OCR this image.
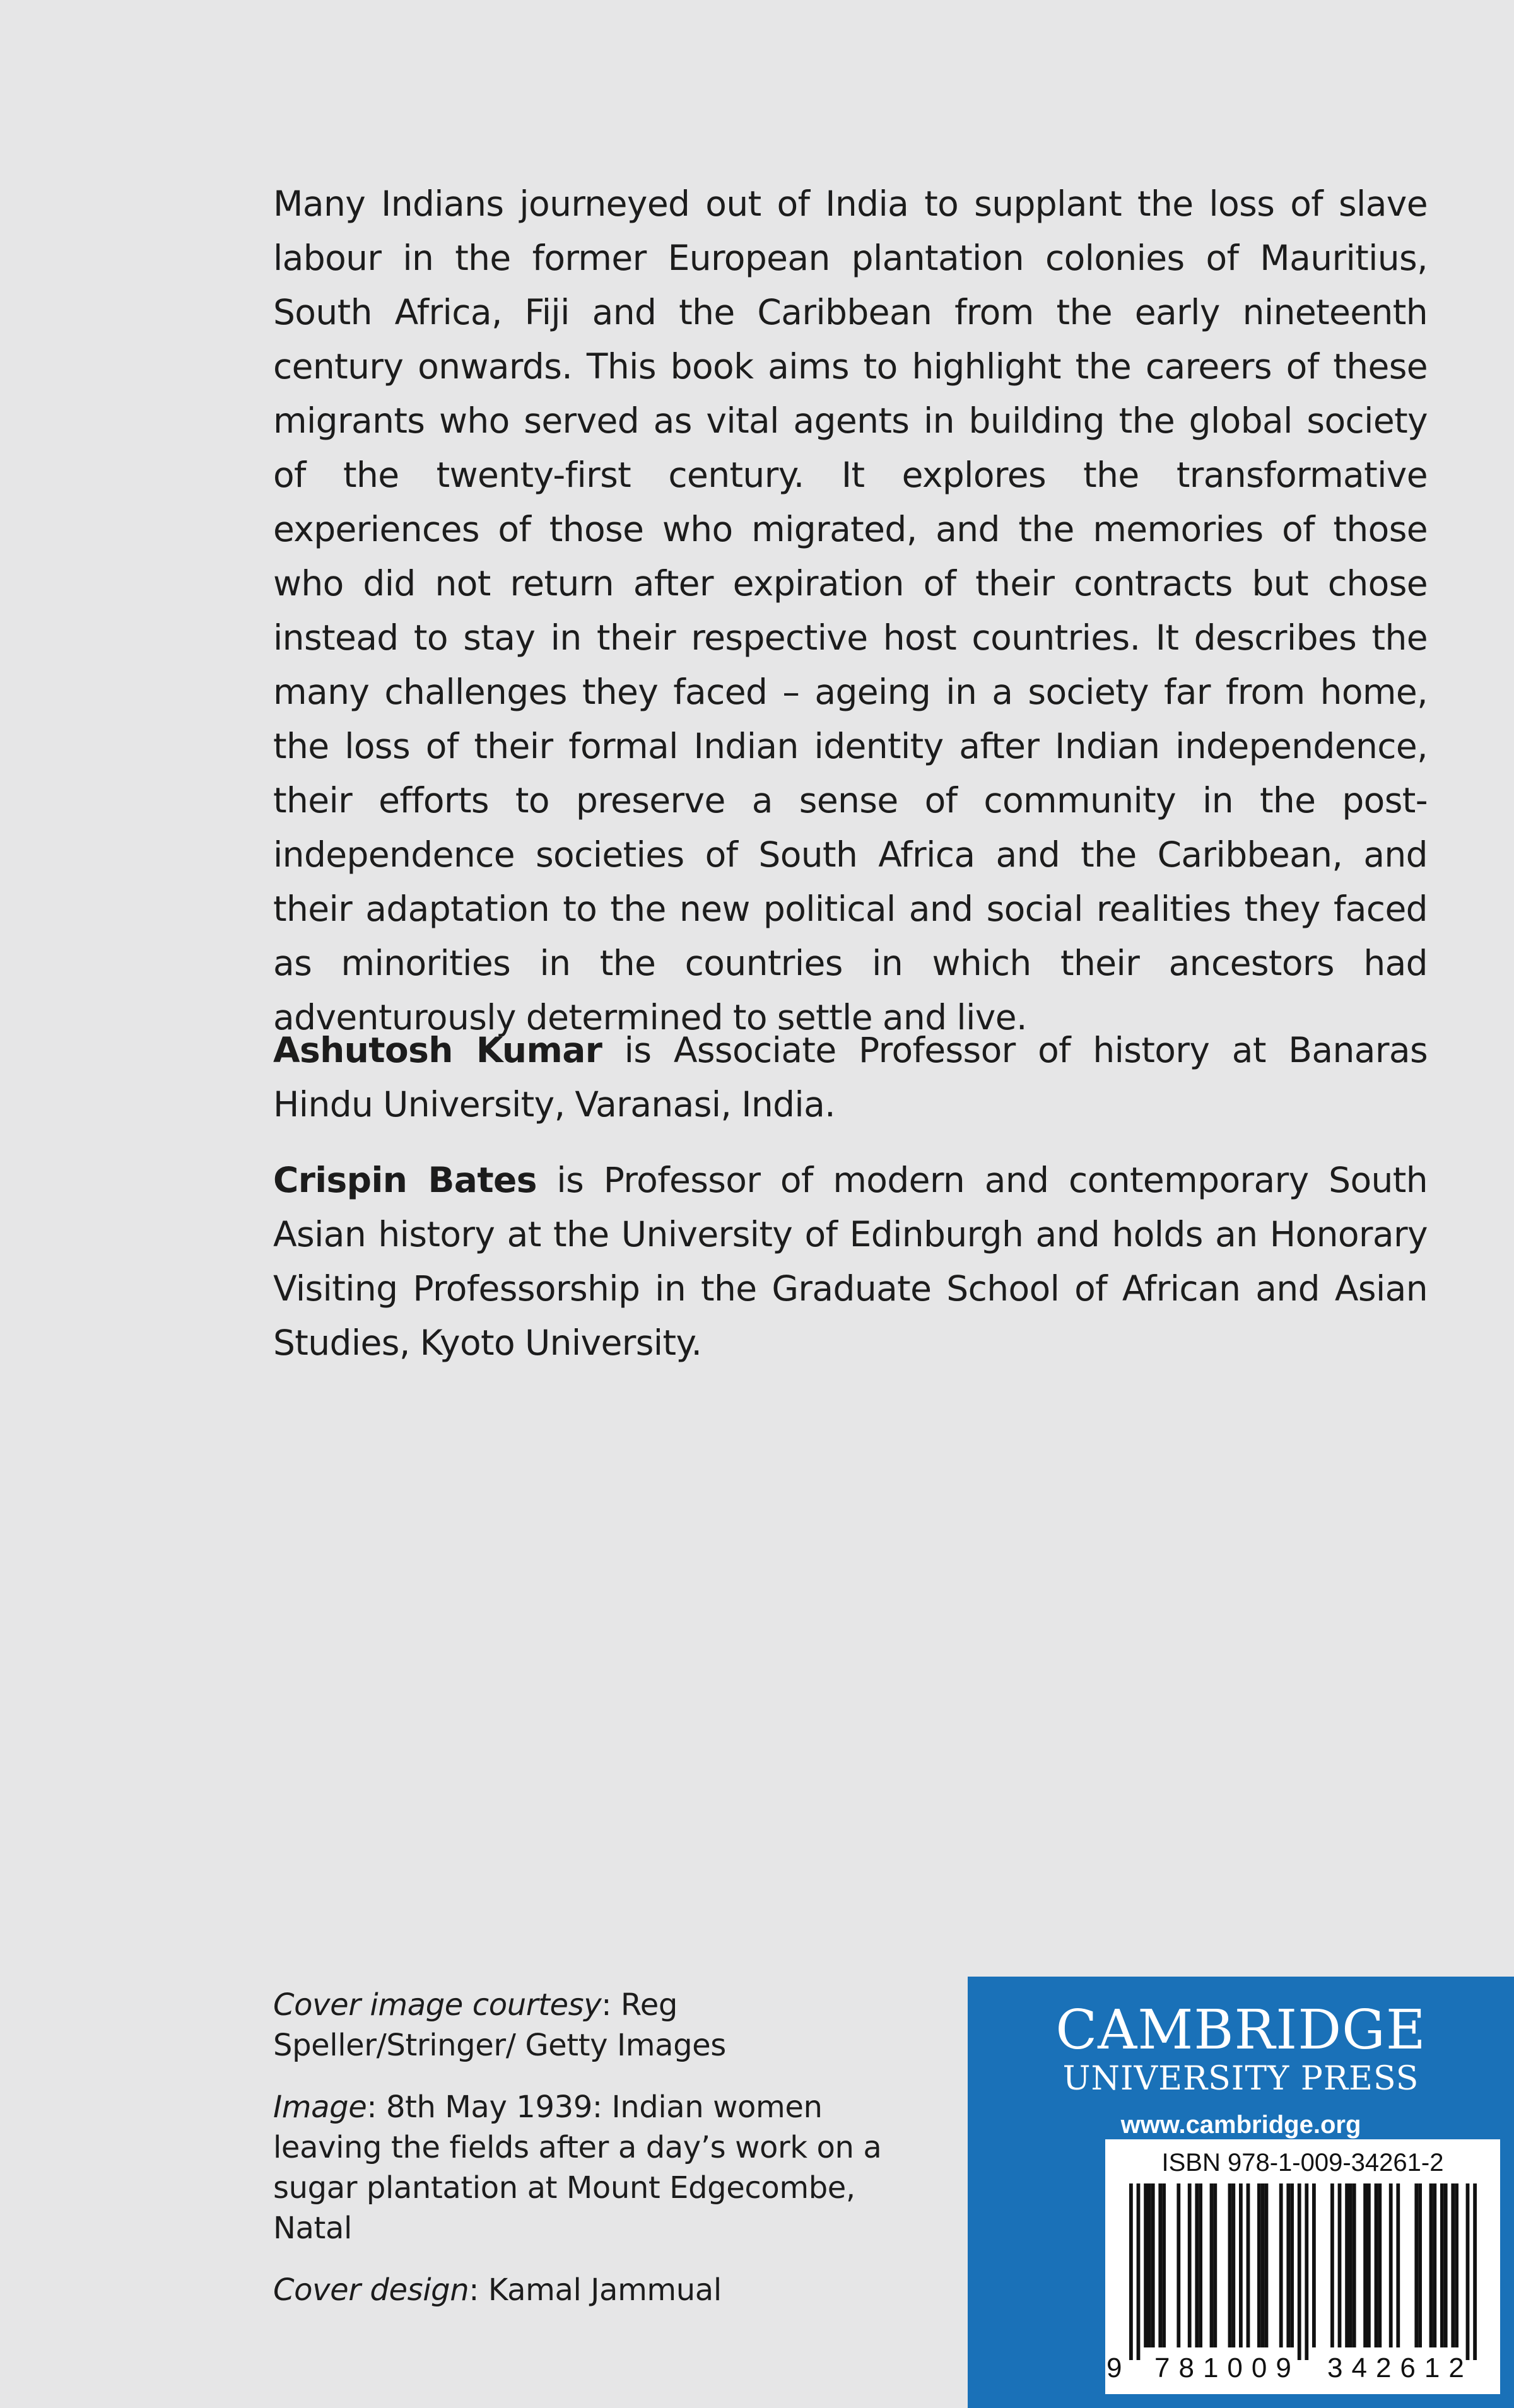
Many Indians journeyed out of India to supplant the loss of slave labour in the former European plantation colonies of Mauritius, South Africa, Fiji and the Caribbean from the early nineteenth century onwards. This book aims to highlight the careers of these migrants who served as vital agents in building the global society of the twenty-first century. It explores the transformative experiences of those who migrated, and the memories of those who did not return after expiration of their contracts but chose instead to stay in their respective host countries. It describes the many challenges they faced – ageing in a society far from home, the loss of their formal Indian identity after Indian independence, their efforts to preserve a sense of community in the post-independence societies of South Africa and the Caribbean, and their adaptation to the new political and social realities they faced as minorities in the countries in which their ancestors had adventurously determined to settle and live.

Ashutosh Kumar is Associate Professor of history at Banaras Hindu University, Varanasi, India.

Crispin Bates is Professor of modern and contemporary South Asian history at the University of Edinburgh and holds an Honorary Visiting Professorship in the Graduate School of African and Asian Studies, Kyoto University.

Cover image courtesy: Reg Speller/Stringer/ Getty Images

Image: 8th May 1939: Indian women leaving the fields after a day’s work on a sugar plantation at Mount Edgecombe, Natal

Cover design: Kamal Jammual

CAMBRIDGE
UNIVERSITY PRESS
www.cambridge.org
ISBN 978-1-009-34261-2
9 781009 342612
